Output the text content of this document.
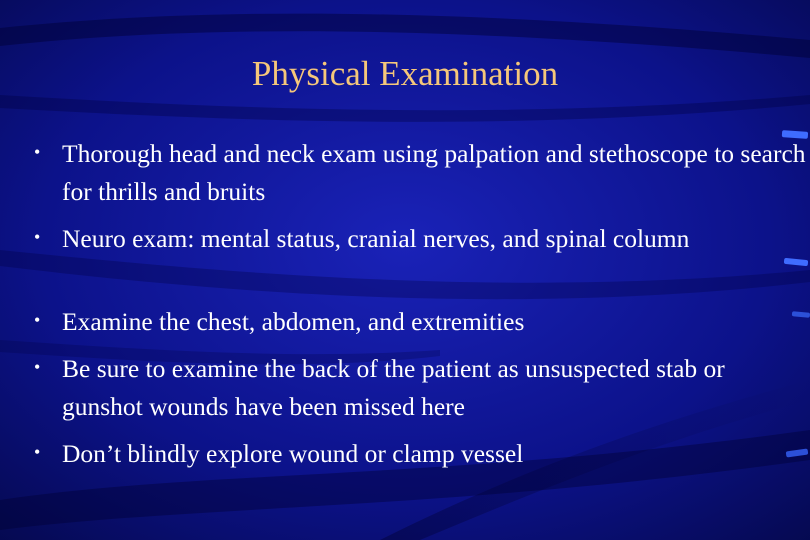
Physical Examination
• Thorough head and neck exam using palpation and stethoscope to search for thrills and bruits
• Neuro exam: mental status, cranial nerves, and spinal column
• Examine the chest, abdomen, and extremities
• Be sure to examine the back of the patient as unsuspected stab or gunshot wounds have been missed here
• Don’t blindly explore wound or clamp vessel
